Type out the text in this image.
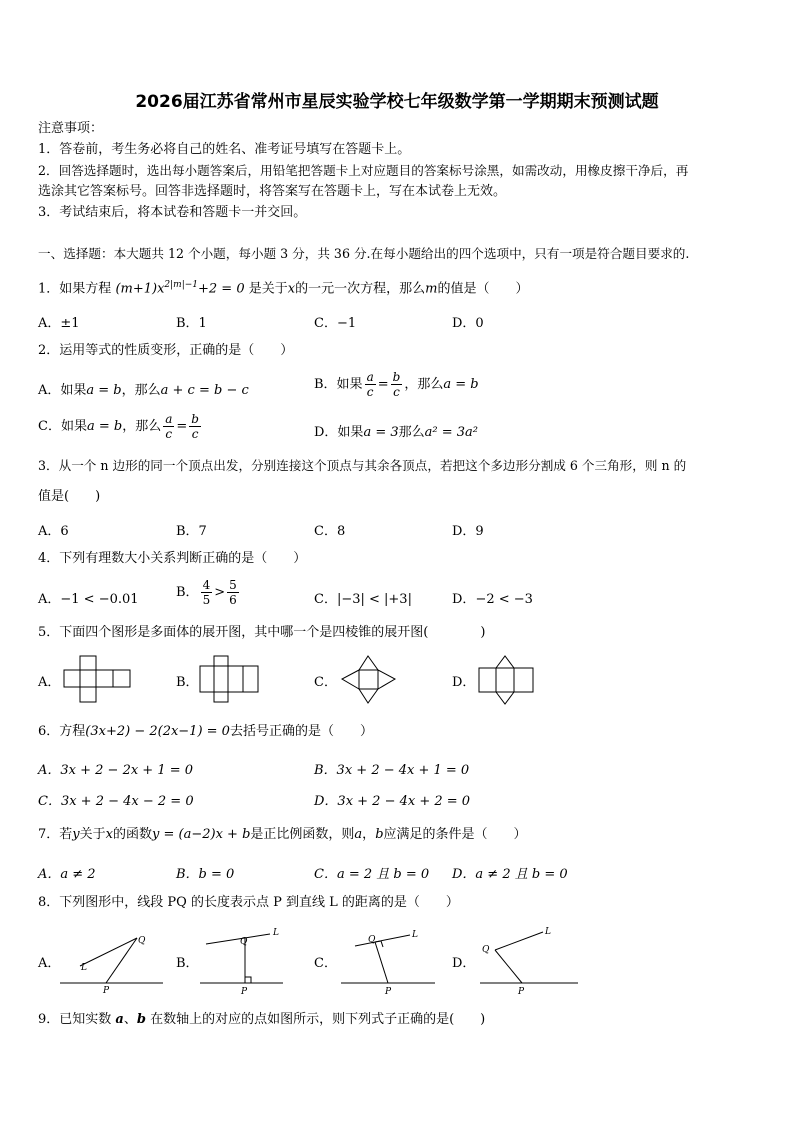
2026届江苏省常州市星辰实验学校七年级数学第一学期期末预测试题
注意事项：
1．答卷前，考生务必将自己的姓名、准考证号填写在答题卡上。
2．回答选择题时，选出每小题答案后，用铅笔把答题卡上对应题目的答案标号涂黑，如需改动，用橡皮擦干净后，再
选涂其它答案标号。回答非选择题时，将答案写在答题卡上，写在本试卷上无效。
3．考试结束后，将本试卷和答题卡一并交回。
一、选择题：本大题共 12 个小题，每小题 3 分，共 36 分.在每小题给出的四个选项中，只有一项是符合题目要求的.
1．如果方程 $(m+1)x^{2|m|-1}+2 = 0$ 是关于x的一元一次方程，那么m的值是（　　）
A．±1	B．1	C．−1	D．0
2．运用等式的性质变形，正确的是（　　）
A．如果a = b，那么a + c = b − c	B．如果 $\frac{a}{c} = \frac{b}{c}$ ，那么a = b
C．如果a = b，那么 $\frac{a}{c} = \frac{b}{c}$	D．如果a = 3那么a² = 3a²
3．从一个 n 边形的同一个顶点出发，分别连接这个顶点与其余各顶点，若把这个多边形分割成 6 个三角形，则 n 的
值是(　　)
A．6	B．7	C．8	D．9
4．下列有理数大小关系判断正确的是（　　）
A．−1 < −0.01	B． $\frac{4}{5} > \frac{5}{6}$	C．|−3| < |+3|	D．−2 < −3
5．下面四个图形是多面体的展开图，其中哪一个是四棱锥的展开图(　　　　)
A．	B．	C．	D．
6．方程(3x+2) − 2(2x−1) = 0去括号正确的是（　　）
A．3x + 2 − 2x + 1 = 0	B．3x + 2 − 4x + 1 = 0
C．3x + 2 − 4x − 2 = 0	D．3x + 2 − 4x + 2 = 0
7．若y关于x的函数y = (a−2)x + b是正比例函数，则a，b应满足的条件是（　　）
A．a ≠ 2	B．b = 0	C．a = 2 且 b = 0 D．a ≠ 2 且 b = 0
8．下列图形中，线段 PQ 的长度表示点 P 到直线 L 的距离的是（　　）
A．	B．	C．	D．
Q
L
P
Q
L
P
Q	L
P
Q
L
P
9．已知实数 a、b 在数轴上的对应的点如图所示，则下列式子正确的是(　　)
